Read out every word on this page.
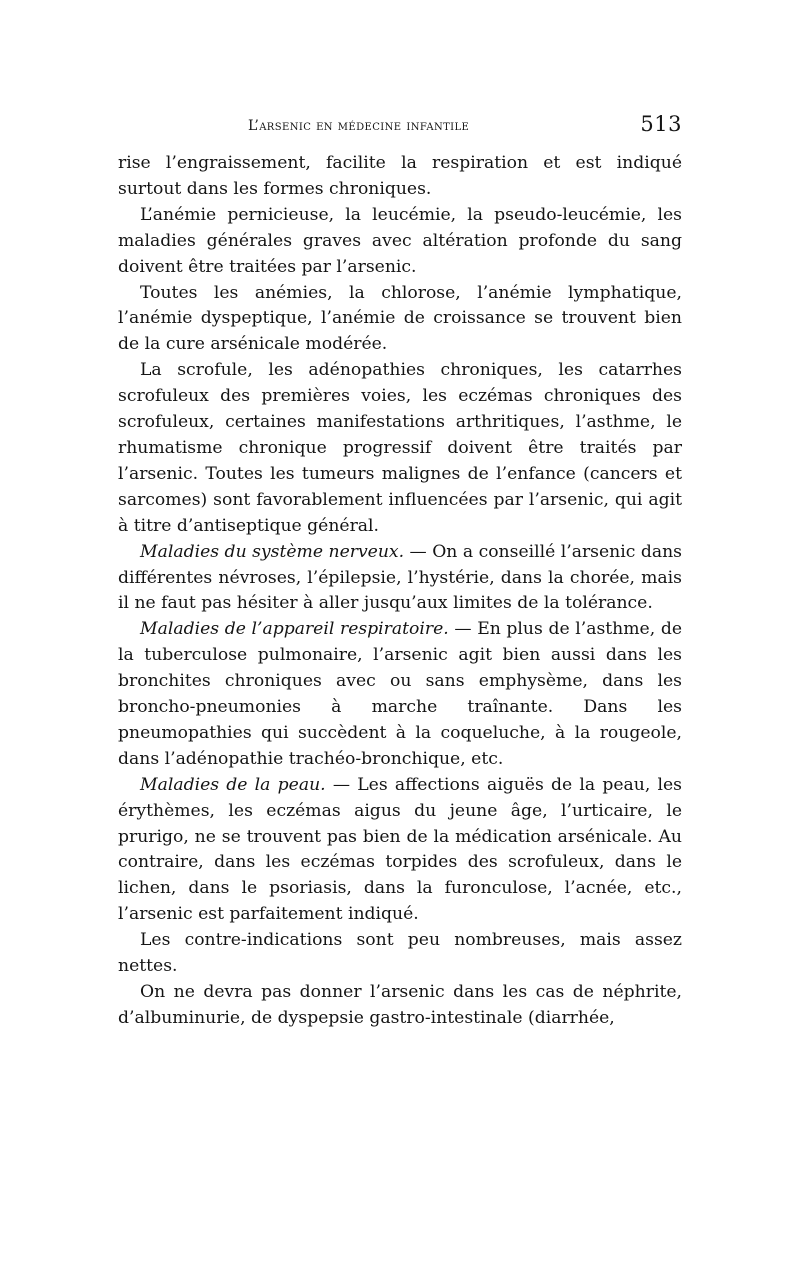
L’arsenic en médecine infantile	513

rise l’engraissement, facilite la respiration et est indiqué surtout dans les formes chroniques.

L’anémie pernicieuse, la leucémie, la pseudo-leucémie, les maladies générales graves avec altération profonde du sang doivent être traitées par l’arsenic.

Toutes les anémies, la chlorose, l’anémie lymphatique, l’anémie dyspeptique, l’anémie de croissance se trouvent bien de la cure arsénicale modérée.

La scrofule, les adénopathies chroniques, les catarrhes scrofuleux des premières voies, les eczémas chroniques des scrofuleux, certaines manifestations arthritiques, l’asthme, le rhumatisme chronique progressif doivent être traités par l’arsenic. Toutes les tumeurs malignes de l’enfance (cancers et sarcomes) sont favorablement influencées par l’arsenic, qui agit à titre d’antiseptique général.

Maladies du système nerveux. — On a conseillé l’arsenic dans différentes névroses, l’épilepsie, l’hystérie, dans la chorée, mais il ne faut pas hésiter à aller jusqu’aux limites de la tolérance.

Maladies de l’appareil respiratoire. — En plus de l’asthme, de la tuberculose pulmonaire, l’arsenic agit bien aussi dans les bronchites chroniques avec ou sans emphysème, dans les broncho-pneumonies à marche traînante. Dans les pneumopathies qui succèdent à la coqueluche, à la rougeole, dans l’adénopathie trachéo-bronchique, etc.

Maladies de la peau. — Les affections aiguës de la peau, les érythèmes, les eczémas aigus du jeune âge, l’urticaire, le prurigo, ne se trouvent pas bien de la médication arsénicale. Au contraire, dans les eczémas torpides des scrofuleux, dans le lichen, dans le psoriasis, dans la furonculose, l’acnée, etc., l’arsenic est parfaitement indiqué.

Les contre-indications sont peu nombreuses, mais assez nettes.

On ne devra pas donner l’arsenic dans les cas de néphrite, d’albuminurie, de dyspepsie gastro-intestinale (diarrhée,
